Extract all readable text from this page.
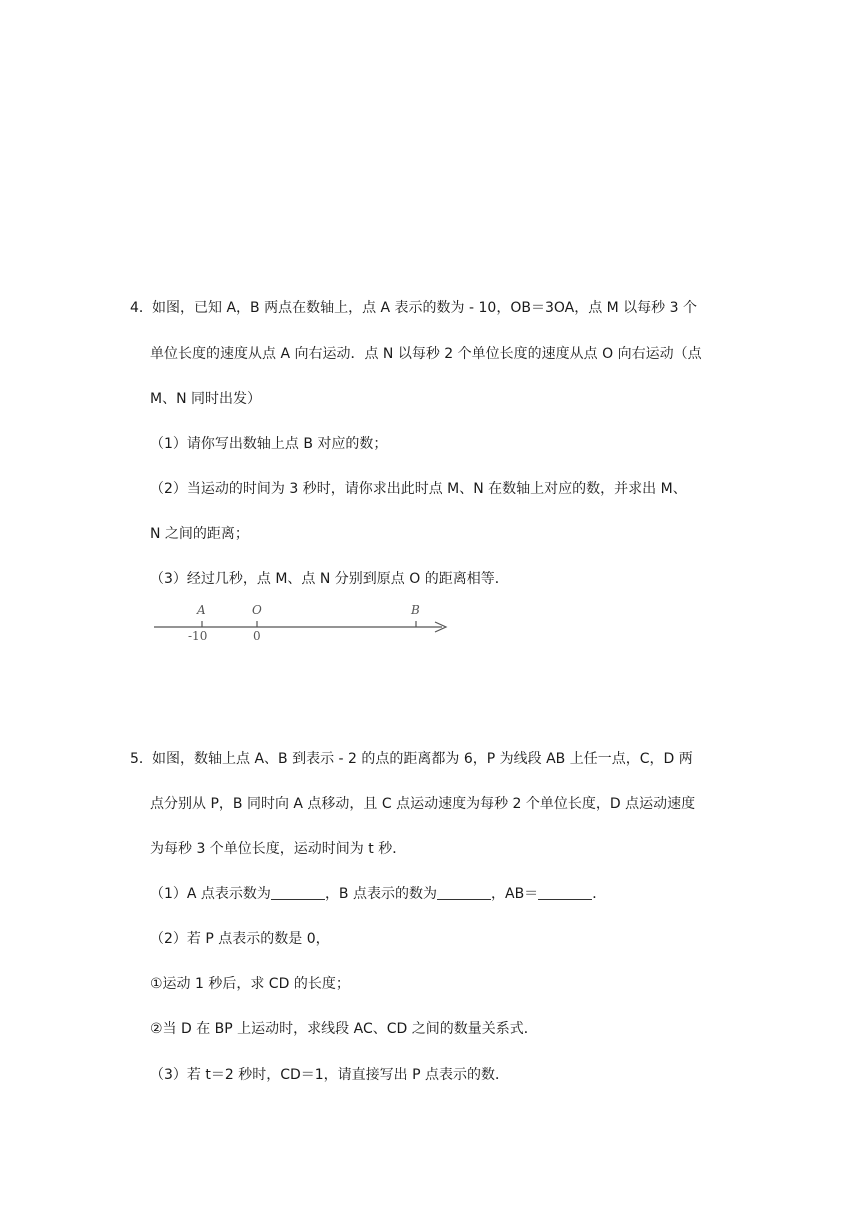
4． 如图，已知 A，B 两点在数轴上，点 A 表示的数为 - 10，OB＝3OA，点 M 以每秒 3 个
单位长度的速度从点 A 向右运动．点 N 以每秒 2 个单位长度的速度从点 O 向右运动（点
M、N 同时出发）
（1）请你写出数轴上点 B 对应的数；
（2）当运动的时间为 3 秒时，请你求出此时点 M、N 在数轴上对应的数，并求出 M、
N 之间的距离；
（3）经过几秒，点 M、点 N 分别到原点 O 的距离相等．
A	O	B
-10	0
5． 如图，数轴上点 A、B 到表示 - 2 的点的距离都为 6，P 为线段 AB 上任一点，C，D 两
点分别从 P，B 同时向 A 点移动，且 C 点运动速度为每秒 2 个单位长度，D 点运动速度
为每秒 3 个单位长度，运动时间为 t 秒．
（1）A 点表示数为	，B 点表示的数为	，AB＝	．
（2）若 P 点表示的数是 0，
①运动 1 秒后，求 CD 的长度；
②当 D 在 BP 上运动时，求线段 AC、CD 之间的数量关系式．
（3）若 t＝2 秒时，CD＝1，请直接写出 P 点表示的数．
